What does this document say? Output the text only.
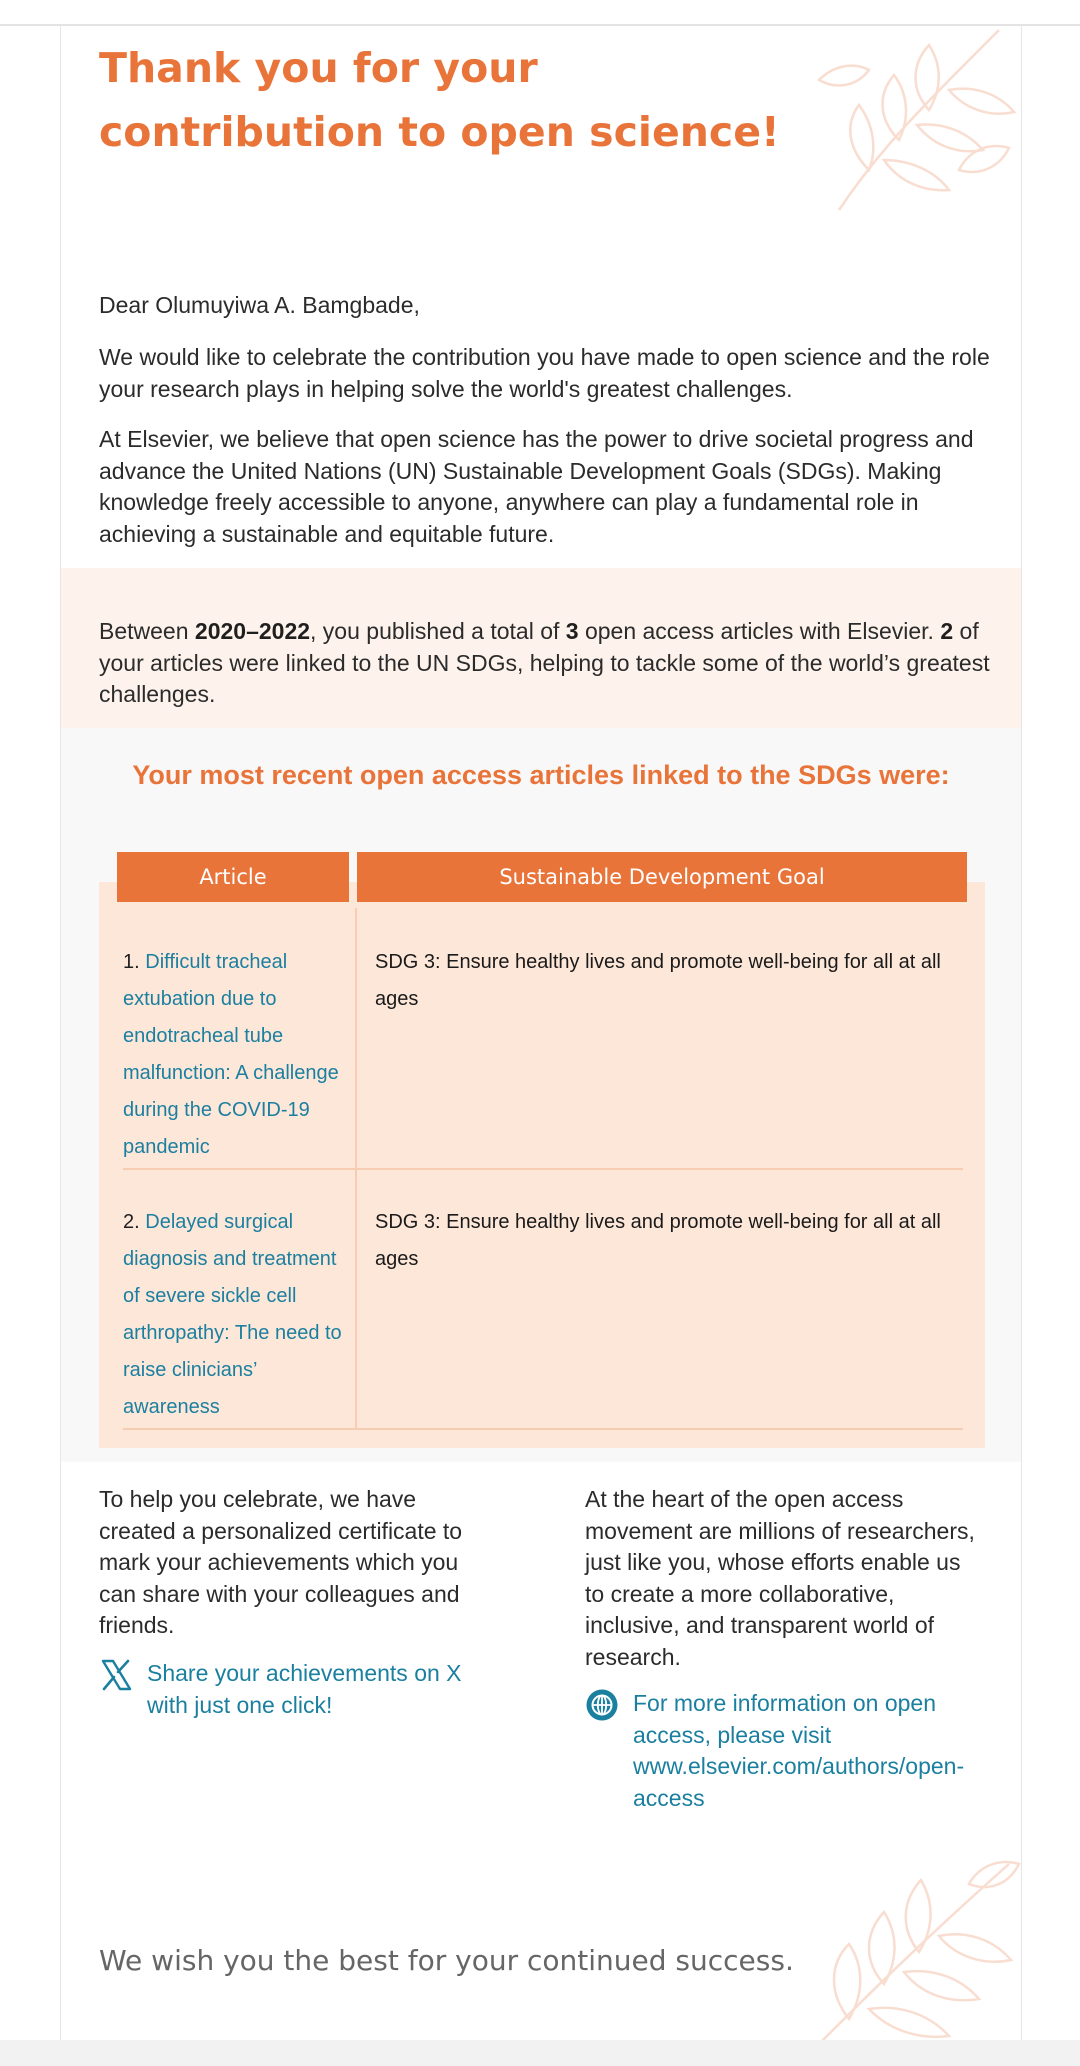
Thank you for your contribution to open science!

Dear Olumuyiwa A. Bamgbade,

We would like to celebrate the contribution you have made to open science and the role your research plays in helping solve the world's greatest challenges.

At Elsevier, we believe that open science has the power to drive societal progress and advance the United Nations (UN) Sustainable Development Goals (SDGs). Making knowledge freely accessible to anyone, anywhere can play a fundamental role in achieving a sustainable and equitable future.

Between 2020–2022, you published a total of 3 open access articles with Elsevier. 2 of your articles were linked to the UN SDGs, helping to tackle some of the world’s greatest challenges.

Your most recent open access articles linked to the SDGs were:
Article	Sustainable Development Goal

1. Difficult tracheal extubation due to endotracheal tube malfunction: A challenge during the COVID-19 pandemic

SDG 3: Ensure healthy lives and promote well-being for all at all ages

2. Delayed surgical diagnosis and treatment of severe sickle cell arthropathy: The need to raise clinicians’ awareness

SDG 3: Ensure healthy lives and promote well-being for all at all ages

To help you celebrate, we have created a personalized certificate to mark your achievements which you can share with your colleagues and friends.

Share your achievements on X with just one click!

At the heart of the open access movement are millions of researchers, just like you, whose efforts enable us to create a more collaborative, inclusive, and transparent world of research.

For more information on open access, please visit www.elsevier.com/authors/open-access

We wish you the best for your continued success.
